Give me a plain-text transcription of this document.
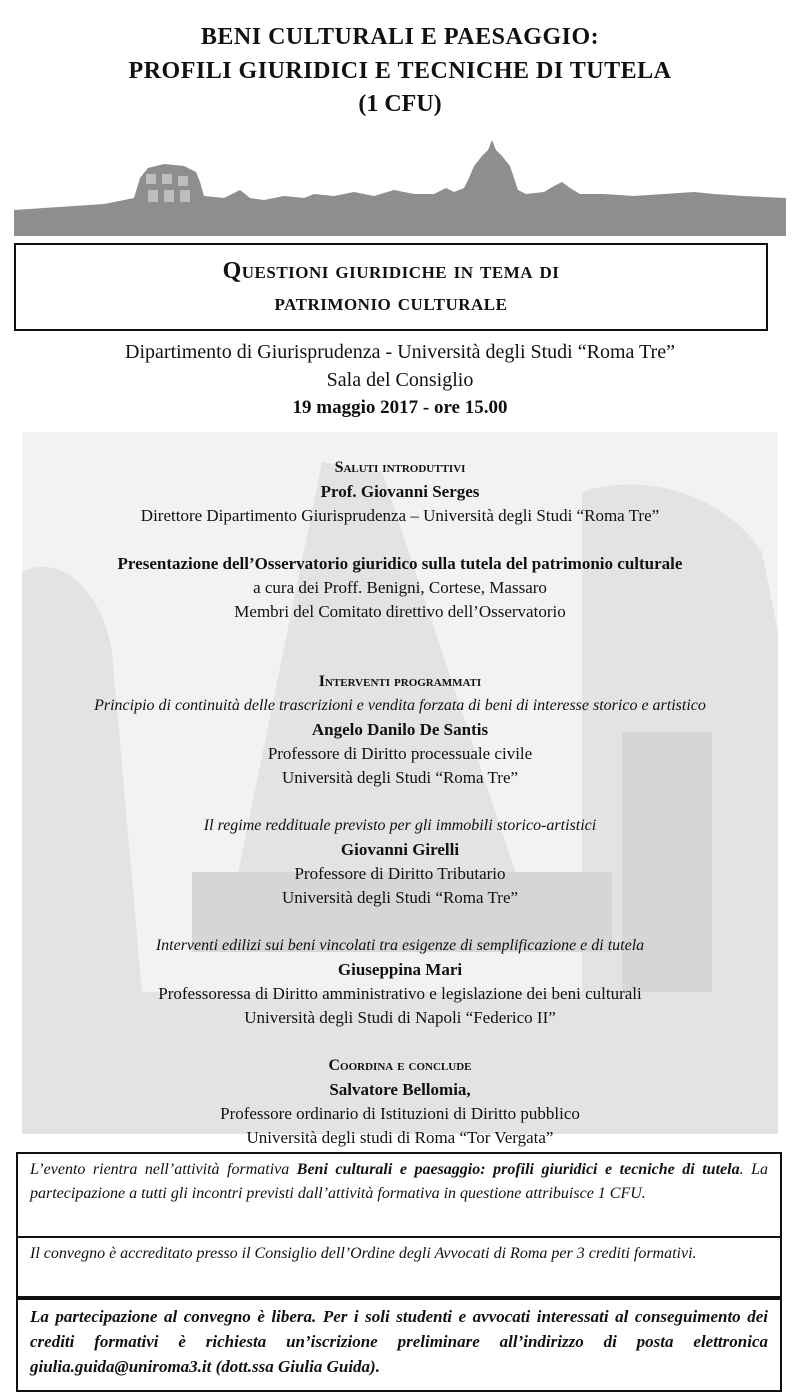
BENI CULTURALI E PAESAGGIO:
PROFILI GIURIDICI E TECNICHE DI TUTELA
(1 CFU)
Questioni giuridiche in tema di
patrimonio culturale
Dipartimento di Giurisprudenza - Università degli Studi “Roma Tre”
Sala del Consiglio
19 maggio 2017 - ore 15.00
Saluti introduttivi
Prof. Giovanni Serges
Direttore Dipartimento Giurisprudenza – Università degli Studi “Roma Tre”
Presentazione dell’Osservatorio giuridico sulla tutela del patrimonio culturale
a cura dei Proff. Benigni, Cortese, Massaro
Membri del Comitato direttivo dell’Osservatorio
Interventi programmati
Principio di continuità delle trascrizioni e vendita forzata di beni di interesse storico e artistico
Angelo Danilo De Santis
Professore di Diritto processuale civile
Università degli Studi “Roma Tre”
Il regime reddituale previsto per gli immobili storico-artistici
Giovanni Girelli
Professore di Diritto Tributario
Università degli Studi “Roma Tre”
Interventi edilizi sui beni vincolati tra esigenze di semplificazione e di tutela
Giuseppina Mari
Professoressa di Diritto amministrativo e legislazione dei beni culturali
Università degli Studi di Napoli “Federico II”
Coordina e conclude
Salvatore Bellomia,
Professore ordinario di Istituzioni di Diritto pubblico
Università degli studi di Roma “Tor Vergata”
L’evento rientra nell’attività formativa Beni culturali e paesaggio: profili giuridici e tecniche di tutela. La partecipazione a tutti gli incontri previsti dall’attività formativa in questione attribuisce 1 CFU.
Il convegno è accreditato presso il Consiglio dell’Ordine degli Avvocati di Roma per 3 crediti formativi.
La partecipazione al convegno è libera. Per i soli studenti e avvocati interessati al conseguimento dei crediti formativi è richiesta un’iscrizione preliminare all’indirizzo di posta elettronica giulia.guida@uniroma3.it (dott.ssa Giulia Guida).
